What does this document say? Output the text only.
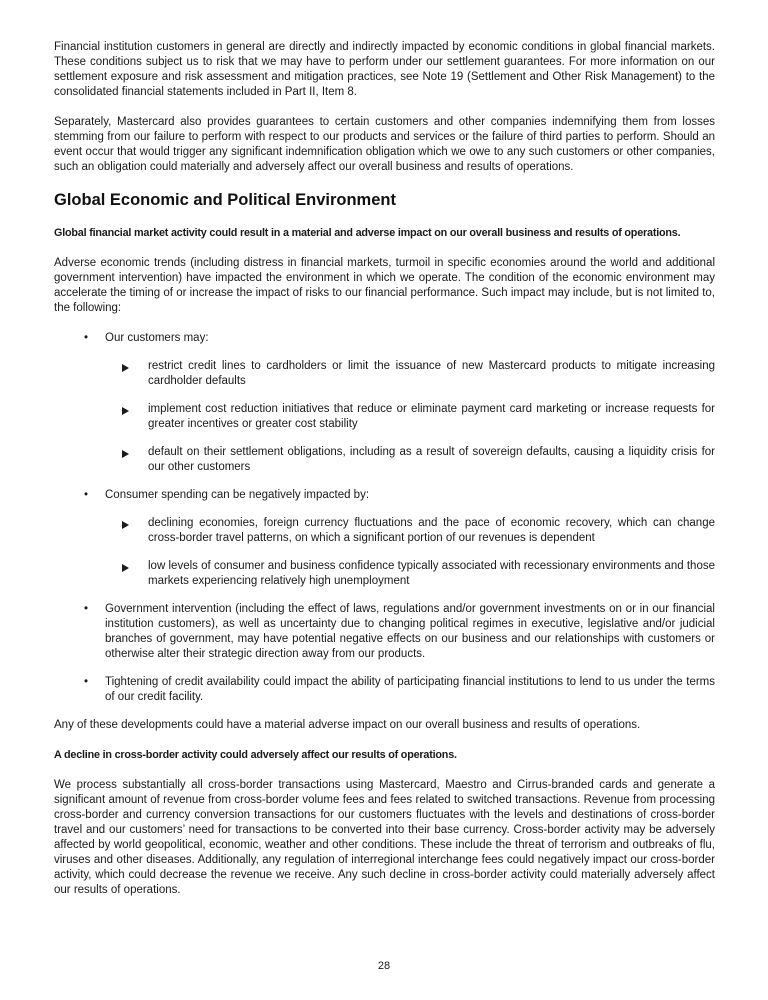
Financial institution customers in general are directly and indirectly impacted by economic conditions in global financial markets. These conditions subject us to risk that we may have to perform under our settlement guarantees. For more information on our settlement exposure and risk assessment and mitigation practices, see Note 19 (Settlement and Other Risk Management) to the consolidated financial statements included in Part II, Item 8.
Separately, Mastercard also provides guarantees to certain customers and other companies indemnifying them from losses stemming from our failure to perform with respect to our products and services or the failure of third parties to perform. Should an event occur that would trigger any significant indemnification obligation which we owe to any such customers or other companies, such an obligation could materially and adversely affect our overall business and results of operations.
Global Economic and Political Environment
Global financial market activity could result in a material and adverse impact on our overall business and results of operations.
Adverse economic trends (including distress in financial markets, turmoil in specific economies around the world and additional government intervention) have impacted the environment in which we operate. The condition of the economic environment may accelerate the timing of or increase the impact of risks to our financial performance. Such impact may include, but is not limited to, the following:
•	Our customers may:
restrict credit lines to cardholders or limit the issuance of new Mastercard products to mitigate increasing cardholder defaults
implement cost reduction initiatives that reduce or eliminate payment card marketing or increase requests for greater incentives or greater cost stability
default on their settlement obligations, including as a result of sovereign defaults, causing a liquidity crisis for our other customers
•	Consumer spending can be negatively impacted by:
declining economies, foreign currency fluctuations and the pace of economic recovery, which can change cross-border travel patterns, on which a significant portion of our revenues is dependent
low levels of consumer and business confidence typically associated with recessionary environments and those markets experiencing relatively high unemployment
•	Government intervention (including the effect of laws, regulations and/or government investments on or in our financial institution customers), as well as uncertainty due to changing political regimes in executive, legislative and/or judicial branches of government, may have potential negative effects on our business and our relationships with customers or otherwise alter their strategic direction away from our products.
•	Tightening of credit availability could impact the ability of participating financial institutions to lend to us under the terms of our credit facility.
Any of these developments could have a material adverse impact on our overall business and results of operations.
A decline in cross-border activity could adversely affect our results of operations.
We process substantially all cross-border transactions using Mastercard, Maestro and Cirrus-branded cards and generate a significant amount of revenue from cross-border volume fees and fees related to switched transactions. Revenue from processing cross-border and currency conversion transactions for our customers fluctuates with the levels and destinations of cross-border travel and our customers’ need for transactions to be converted into their base currency. Cross-border activity may be adversely affected by world geopolitical, economic, weather and other conditions. These include the threat of terrorism and outbreaks of flu, viruses and other diseases. Additionally, any regulation of interregional interchange fees could negatively impact our cross-border activity, which could decrease the revenue we receive. Any such decline in cross-border activity could materially adversely affect our results of operations.
28
